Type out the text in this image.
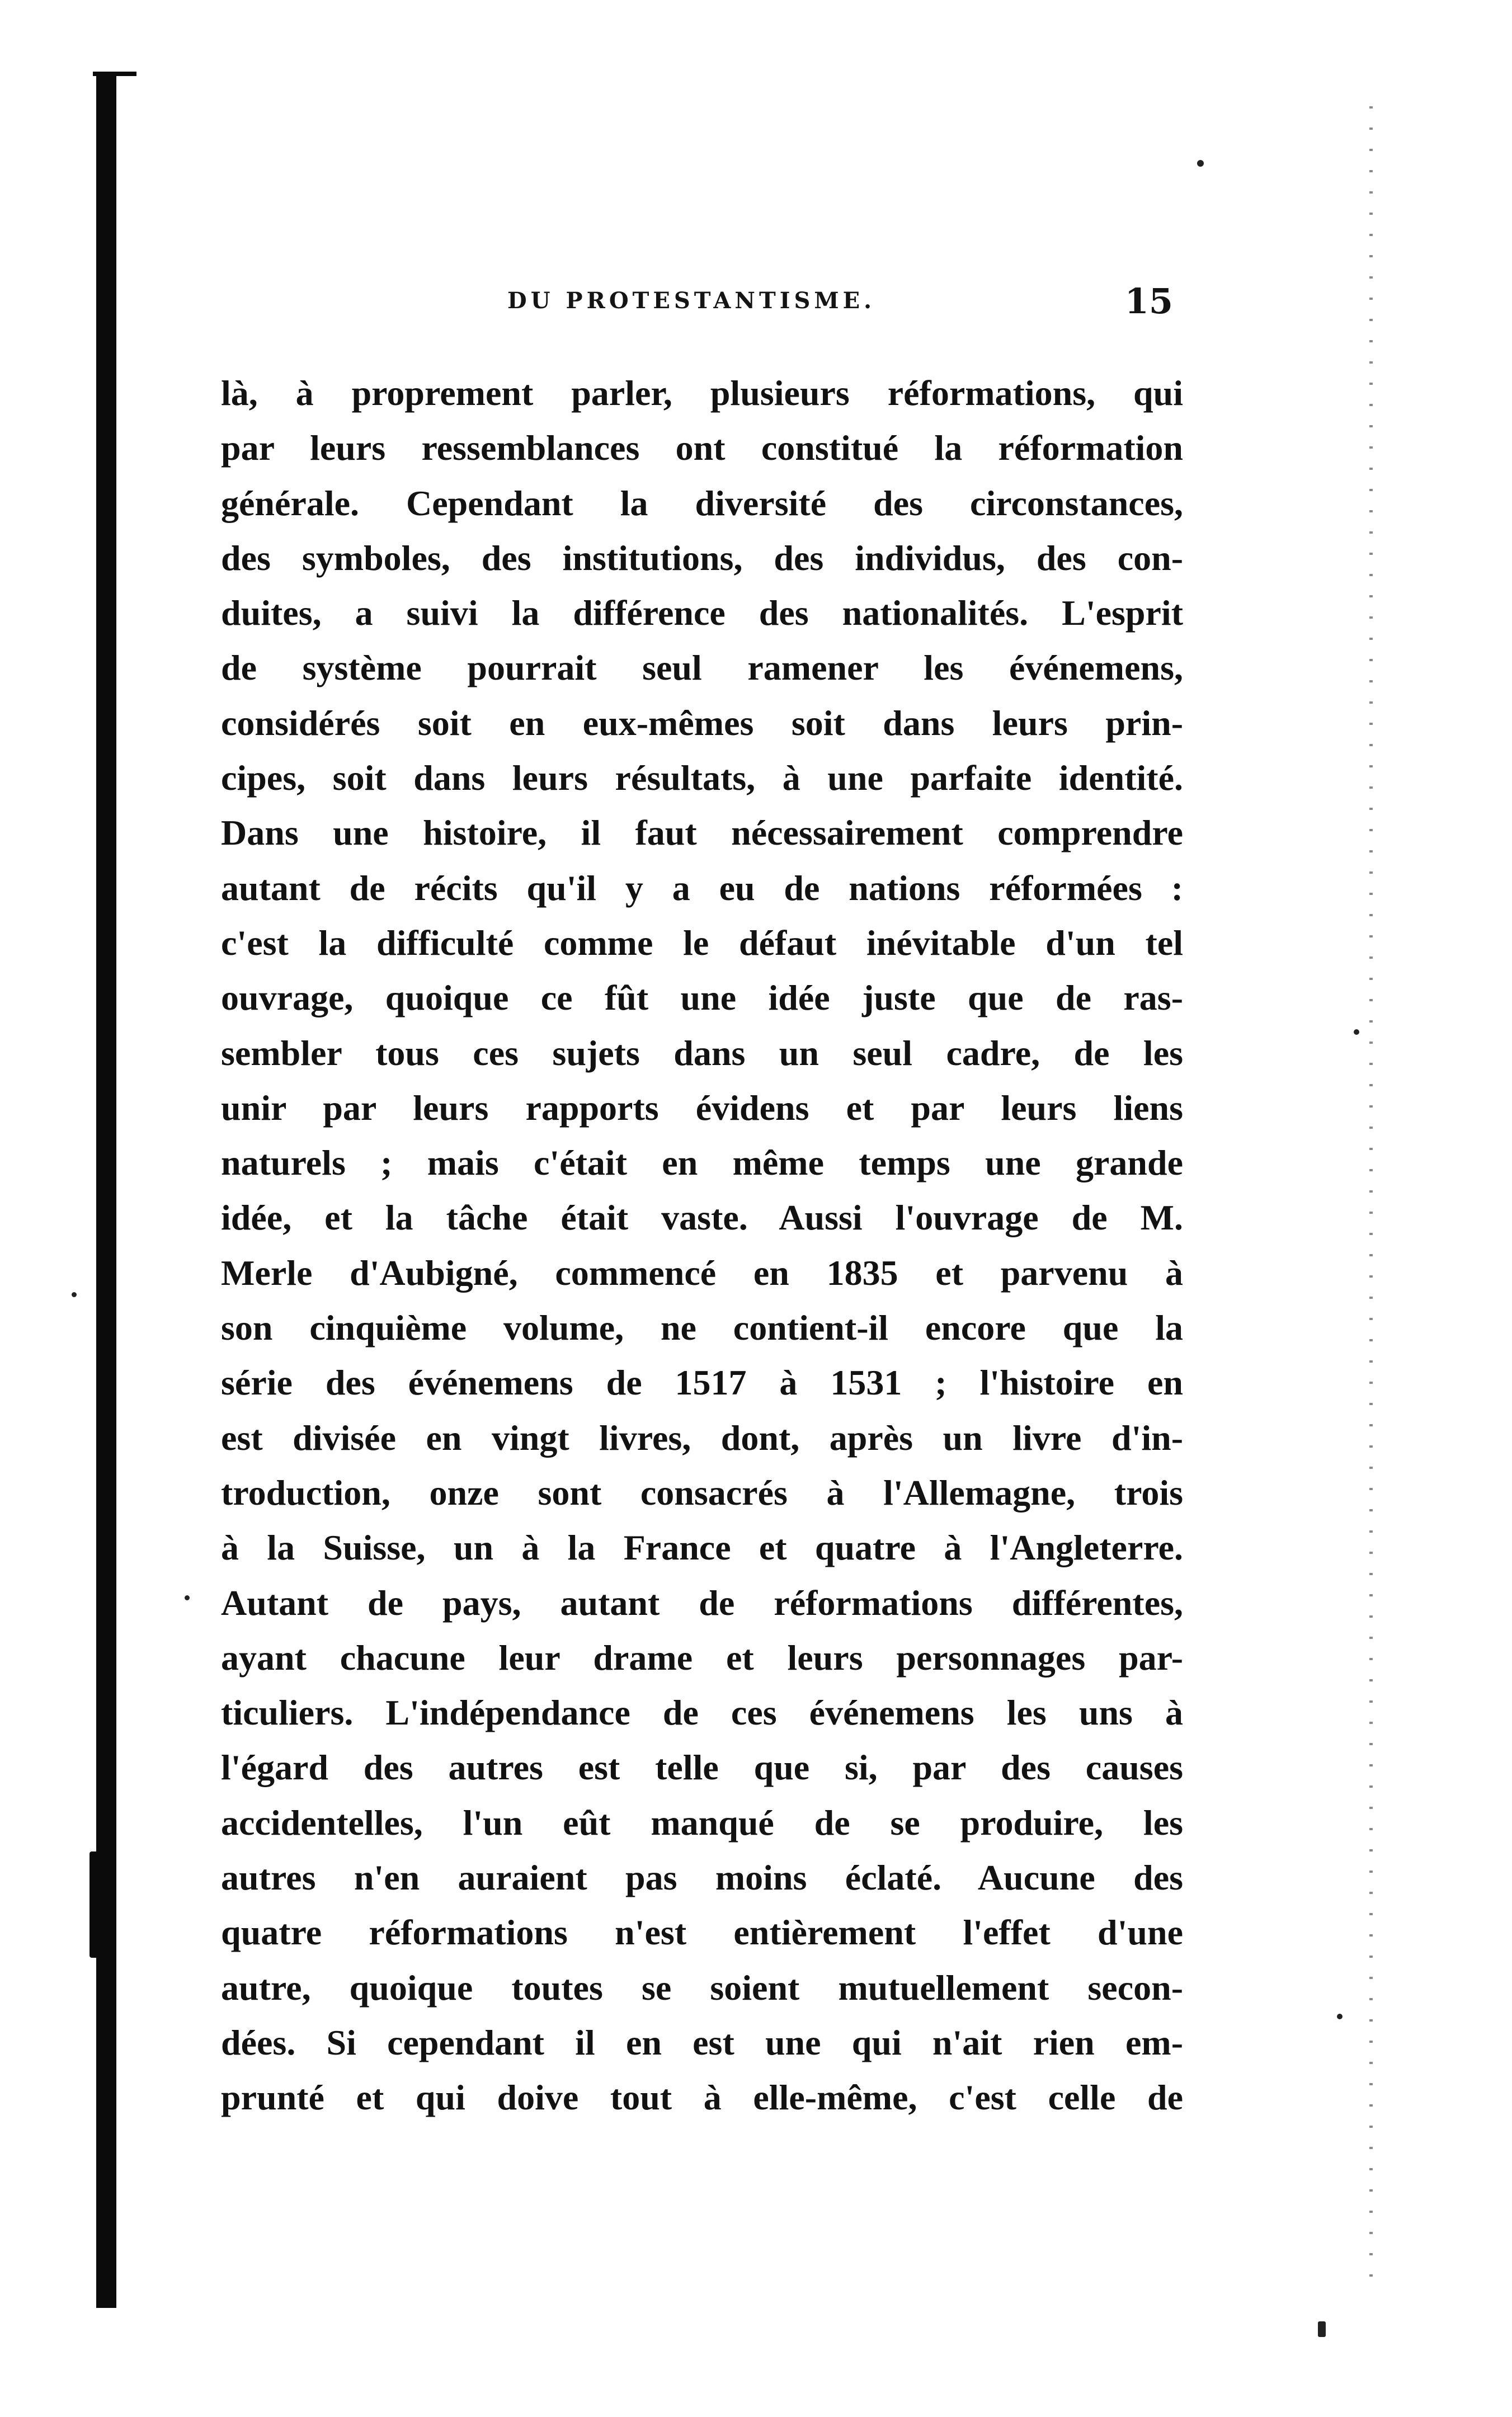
DU PROTESTANTISME.	15
là, à proprement parler, plusieurs réformations, qui
par leurs ressemblances ont constitué la réformation
générale. Cependant la diversité des circonstances,
des symboles, des institutions, des individus, des con-
duites, a suivi la différence des nationalités. L'esprit
de système pourrait seul ramener les événemens,
considérés soit en eux-mêmes soit dans leurs prin-
cipes, soit dans leurs résultats, à une parfaite identité.
Dans une histoire, il faut nécessairement comprendre
autant de récits qu'il y a eu de nations réformées :
c'est la difficulté comme le défaut inévitable d'un tel
ouvrage, quoique ce fût une idée juste que de ras-
sembler tous ces sujets dans un seul cadre, de les
unir par leurs rapports évidens et par leurs liens
naturels ; mais c'était en même temps une grande
idée, et la tâche était vaste. Aussi l'ouvrage de M.
Merle d'Aubigné, commencé en 1835 et parvenu à
son cinquième volume, ne contient-il encore que la
série des événemens de 1517 à 1531 ; l'histoire en
est divisée en vingt livres, dont, après un livre d'in-
troduction, onze sont consacrés à l'Allemagne, trois
à la Suisse, un à la France et quatre à l'Angleterre.
Autant de pays, autant de réformations différentes,
ayant chacune leur drame et leurs personnages par-
ticuliers. L'indépendance de ces événemens les uns à
l'égard des autres est telle que si, par des causes
accidentelles, l'un eût manqué de se produire, les
autres n'en auraient pas moins éclaté. Aucune des
quatre réformations n'est entièrement l'effet d'une
autre, quoique toutes se soient mutuellement secon-
dées. Si cependant il en est une qui n'ait rien em-
prunté et qui doive tout à elle-même, c'est celle de
